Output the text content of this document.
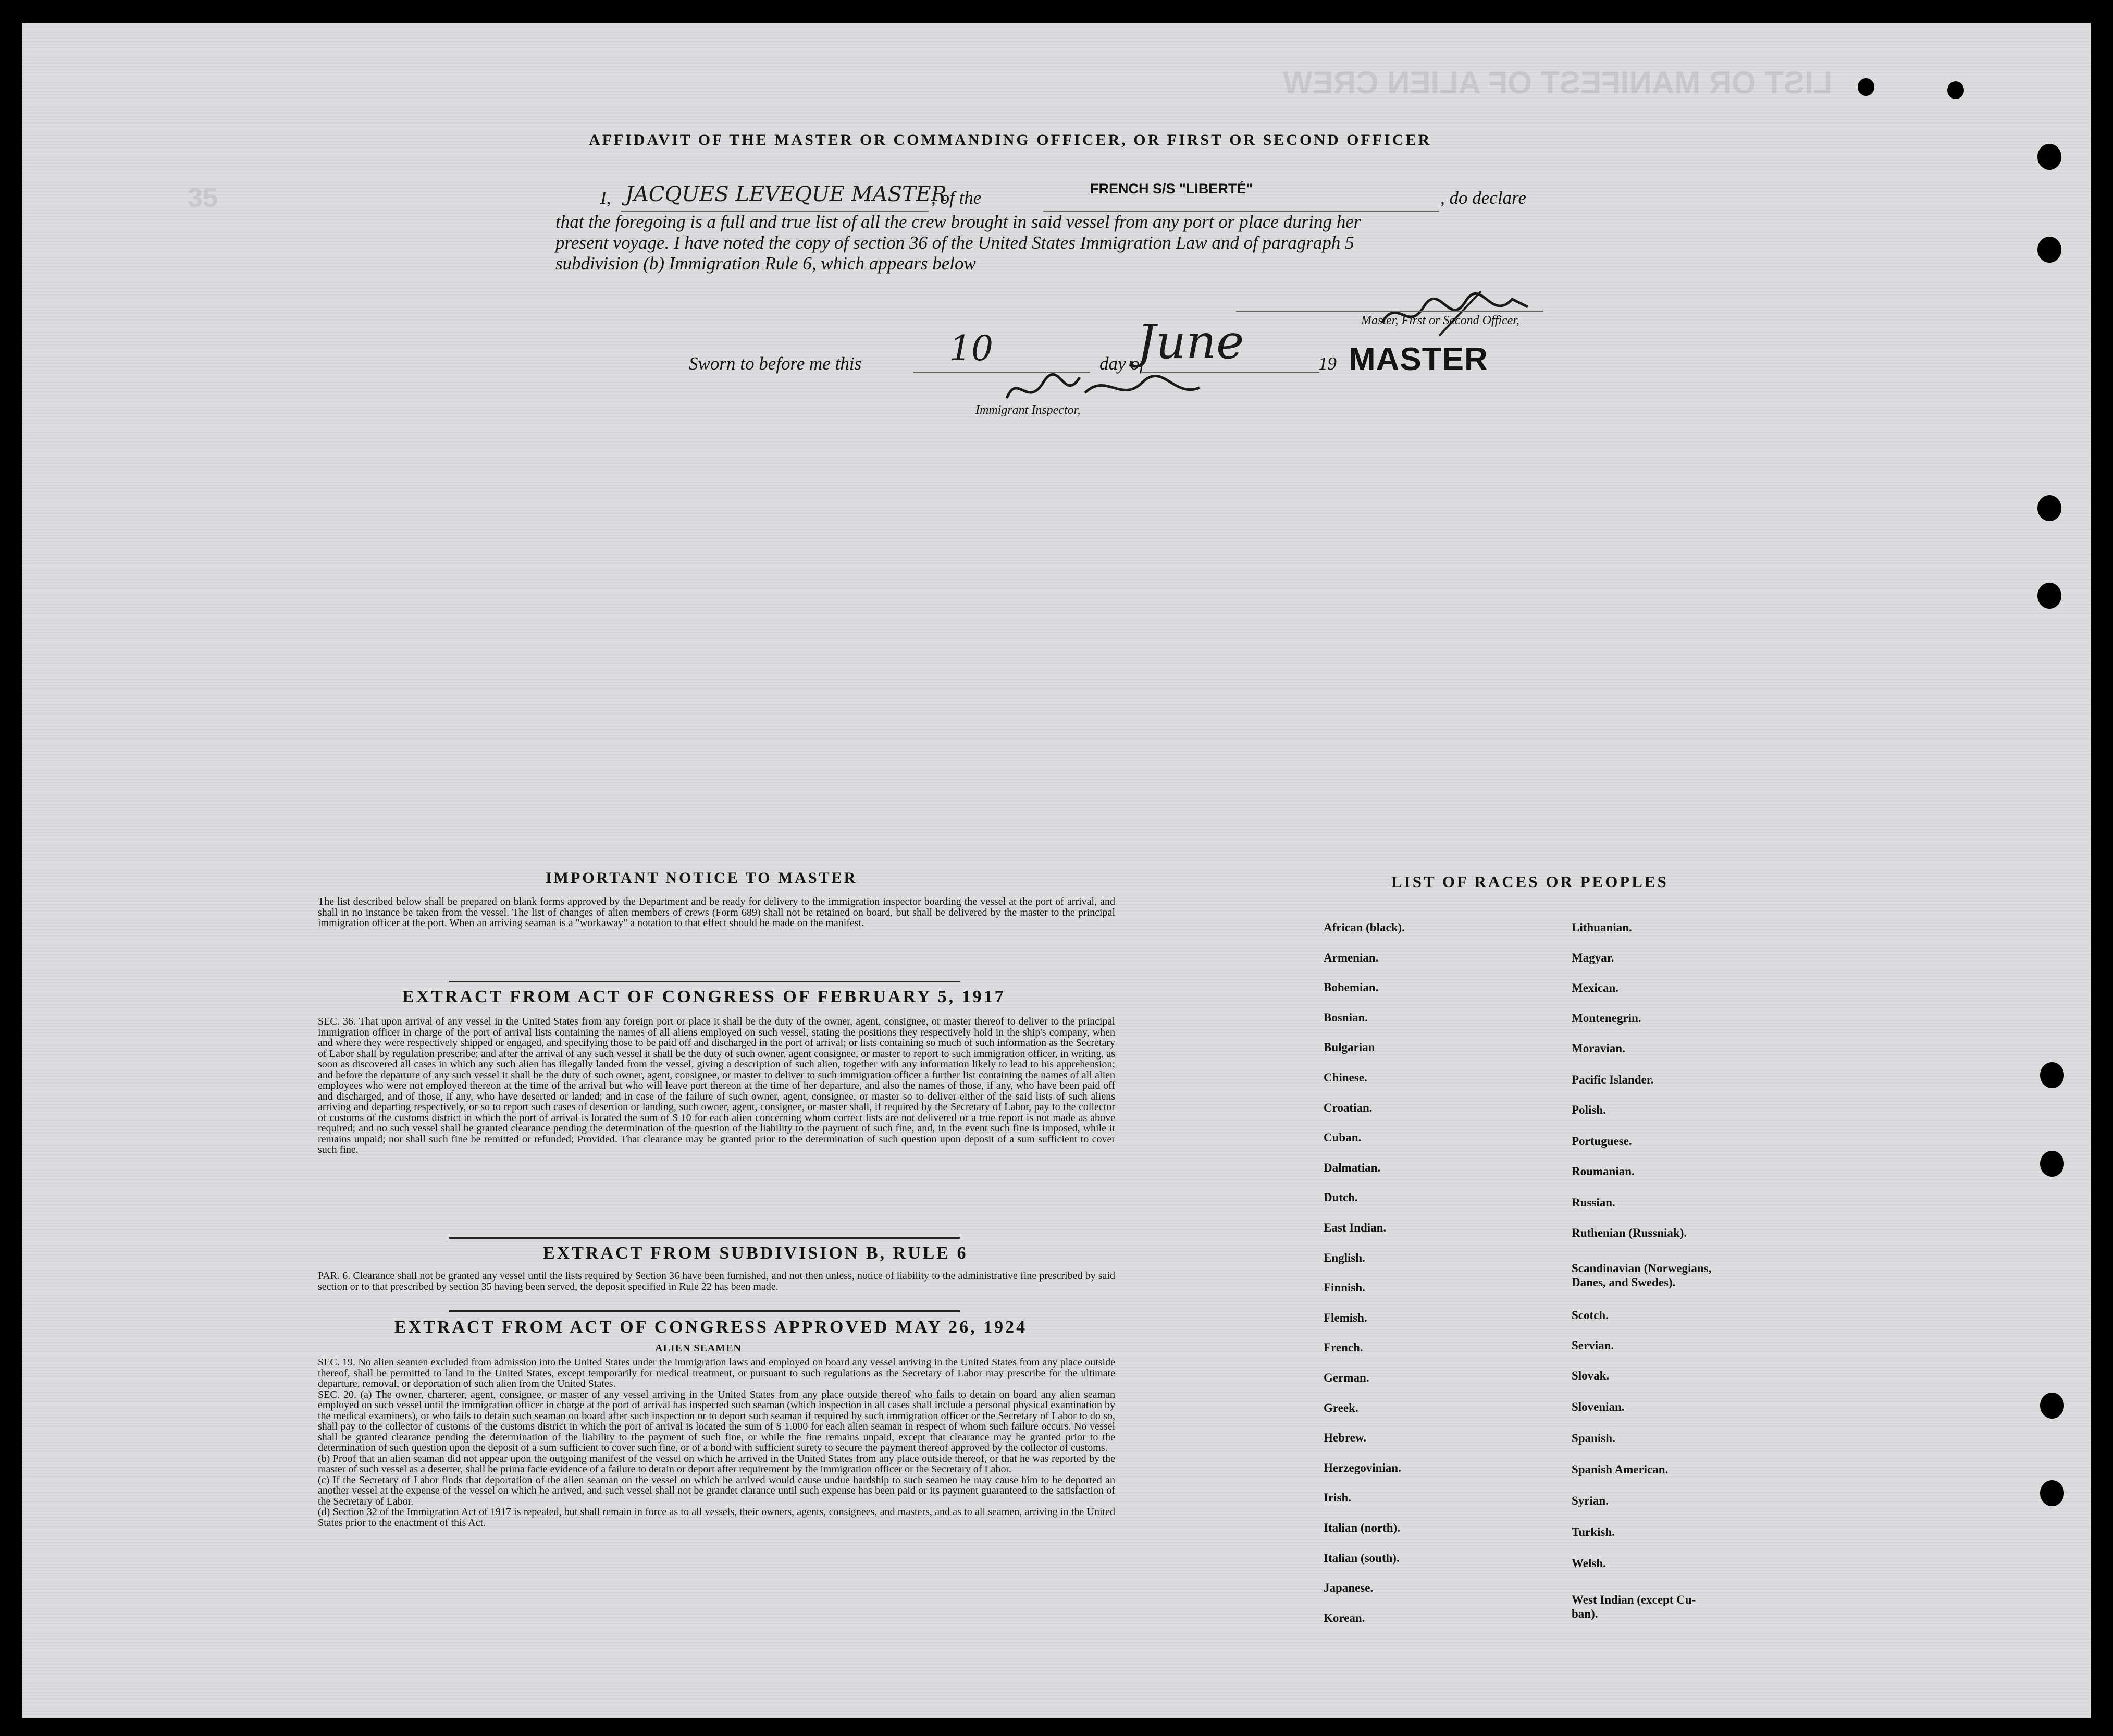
35
LIST OR MANIFEST OF ALIEN CREW
AFFIDAVIT OF THE MASTER OR COMMANDING OFFICER, OR FIRST OR SECOND OFFICER
I, JACQUES LEVEQUE MASTER
, of the	FRENCH S/S "LIBERTÉ"	, do declare
that the foregoing is a full and true list of all the crew brought in said vessel from any port or place during her
present voyage. I have noted the copy of section 36 of the United States Immigration Law and of paragraph 5
subdivision (b) Immigration Rule 6, which appears below
Master, First or Second Officer,
Sworn to before me this	10	day of
June	19 MASTER
Immigrant Inspector,
IMPORTANT NOTICE TO MASTER
The list described below shall be prepared on blank forms approved by the Department and be ready for delivery to the immigration inspector boarding the vessel at the port of arrival, and shall in no instance be taken from the vessel. The list of changes of alien members of crews (Form 689) shall not be retained on board, but shall be delivered by the master to the principal immigration officer at the port. When an arriving seaman is a "workaway" a notation to that effect should be made on the manifest.
EXTRACT FROM ACT OF CONGRESS OF FEBRUARY 5, 1917
SEC. 36. That upon arrival of any vessel in the United States from any foreign port or place it shall be the duty of the owner, agent, consignee, or master thereof to deliver to the principal immigration officer in charge of the port of arrival lists containing the names of all aliens employed on such vessel, stating the positions they respectively hold in the ship's company, when and where they were respectively shipped or engaged, and specifying those to be paid off and discharged in the port of arrival; or lists containing so much of such information as the Secretary of Labor shall by regulation prescribe; and after the arrival of any such vessel it shall be the duty of such owner, agent consignee, or master to report to such immigration officer, in writing, as soon as discovered all cases in which any such alien has illegally landed from the vessel, giving a description of such alien, together with any information likely to lead to his apprehension; and before the departure of any such vessel it shall be the duty of such owner, agent, consignee, or master to deliver to such immigration officer a further list containing the names of all alien employees who were not employed thereon at the time of the arrival but who will leave port thereon at the time of her departure, and also the names of those, if any, who have been paid off and discharged, and of those, if any, who have deserted or landed; and in case of the failure of such owner, agent, consignee, or master so to deliver either of the said lists of such aliens arriving and departing respectively, or so to report such cases of desertion or landing, such owner, agent, consignee, or master shall, if required by the Secretary of Labor, pay to the collector of customs of the customs district in which the port of arrival is located the sum of $ 10 for each alien concerning whom correct lists are not delivered or a true report is not made as above required; and no such vessel shall be granted clearance pending the determination of the question of the liability to the payment of such fine, and, in the event such fine is imposed, while it remains unpaid; nor shall such fine be remitted or refunded; Provided. That clearance may be granted prior to the determination of such question upon deposit of a sum sufficient to cover such fine.
EXTRACT FROM SUBDIVISION B, RULE 6
PAR. 6. Clearance shall not be granted any vessel until the lists required by Section 36 have been furnished, and not then unless, notice of liability to the administrative fine prescribed by said section or to that prescribed by section 35 having been served, the deposit specified in Rule 22 has been made.
EXTRACT FROM ACT OF CONGRESS APPROVED MAY 26, 1924
ALIEN SEAMEN
SEC. 19. No alien seamen excluded from admission into the United States under the immigration laws and employed on board any vessel arriving in the United States from any place outside thereof, shall be permitted to land in the United States, except temporarily for medical treatment, or pursuant to such regulations as the Secretary of Labor may prescribe for the ultimate departure, removal, or deportation of such alien from the United States.
SEC. 20. (a) The owner, charterer, agent, consignee, or master of any vessel arriving in the United States from any place outside thereof who fails to detain on board any alien seaman employed on such vessel until the immigration officer in charge at the port of arrival has inspected such seaman (which inspection in all cases shall include a personal physical examination by the medical examiners), or who fails to detain such seaman on board after such inspection or to deport such seaman if required by such immigration officer or the Secretary of Labor to do so, shall pay to the collector of customs of the customs district in which the port of arrival is located the sum of $ 1.000 for each alien seaman in respect of whom such failure occurs. No vessel shall be granted clearance pending the determination of the liability to the payment of such fine, or while the fine remains unpaid, except that clearance may be granted prior to the determination of such question upon the deposit of a sum sufficient to cover such fine, or of a bond with sufficient surety to secure the payment thereof approved by the collector of customs.
(b) Proof that an alien seaman did not appear upon the outgoing manifest of the vessel on which he arrived in the United States from any place outside thereof, or that he was reported by the master of such vessel as a deserter, shall be prima facie evidence of a failure to detain or deport after requirement by the immigration officer or the Secretary of Labor.
(c) If the Secretary of Labor finds that deportation of the alien seaman on the vessel on which he arrived would cause undue hardship to such seamen he may cause him to be deported an another vessel at the expense of the vessel on which he arrived, and such vessel shall not be grandet clarance until such expense has been paid or its payment guaranteed to the satisfaction of the Secretary of Labor.
(d) Section 32 of the Immigration Act of 1917 is repealed, but shall remain in force as to all vessels, their owners, agents, consignees, and masters, and as to all seamen, arriving in the United States prior to the enactment of this Act.
LIST OF RACES OR PEOPLES
African (black).
Armenian.
Bohemian.
Bosnian.
Bulgarian
Chinese.
Croatian.
Cuban.
Dalmatian.
Dutch.
East Indian.
English.
Finnish.
Flemish.
French.
German.
Greek.
Hebrew.
Herzegovinian.
Irish.
Italian (north).
Italian (south).
Japanese.
Korean.
Lithuanian.
Magyar.
Mexican.
Montenegrin.
Moravian.
Pacific Islander.
Polish.
Portuguese.
Roumanian.
Russian.
Ruthenian (Russniak).
Scandinavian (Norwegians,
Danes, and Swedes).
Scotch.
Servian.
Slovak.
Slovenian.
Spanish.
Spanish American.
Syrian.
Turkish.
Welsh.
West Indian (except Cu-
ban).
